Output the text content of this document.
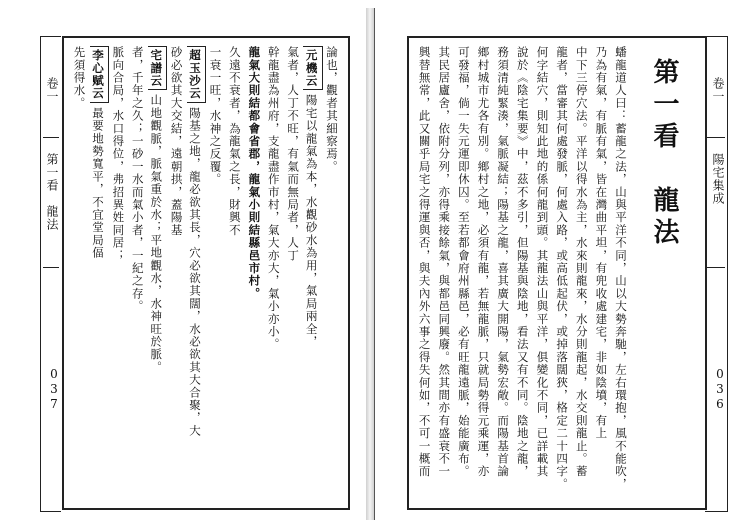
卷一
第一看　龍法
037
論也，觀者其細察焉。
元機云陽宅以龍氣為本，水觀砂水為用，氣局兩全，
氣者，人丁不旺，有氣而無局者，人丁
幹龍盡為州府，支龍盡作市村，氣大亦大，氣小亦小。
龍氣大則結都會省郡，龍氣小則結縣邑市村。
久遠不衰者，為龍氣之長，財興不
一衰一旺，水神之反覆。
超玉沙云陽基之地，龍必欲其長，穴必欲其闊，水必欲其大合聚，大
砂必欲其大交結，遠朝拱，蓋陽基
宅譜云山地觀脈，脈氣重於水；平地觀水，水神旺於脈。
者，千年之久；一砂一水而氣小者，一紀之存。
脈向合局，水口得位，弗招異姓同居；
李心赋云最要地勢寬平，不宜堂局偪
先須得水。	第一看　龍法
蟠龍道人曰：蓄龍之法，山與平洋不同，山以大勢奔馳，左右環抱，風不能吹，
乃為有氣，有脈有氣，皆在灣曲平坦，有兜收處建宅，非如陰墳，有上
中下三停穴法。平洋以得水為主，水來則龍來，水分則龍起，水交則龍止。蓄
龍者，當審其何處發脈，何處入路，或高低起伏，或掉落闊狹，格定二十四字。
何字結穴，則知此地的係何龍到頭。其龍法山與平洋，俱變化不同，已詳載其
說於《陰宅集要》中，茲不多引，但陽基與陰地，看法又有不同。陰地之龍，
務須清純緊湊，氣脈凝結；陽基之龍，喜其廣大開陽，氣勢宏敞。而陽基首論
鄉村城市尤各有別。鄉村之地，必須有龍，若無龍脈，只就局勢得元乘運，亦
可發福，倘一失元運即休囚。至若都會府州縣邑，必有旺龍遠脈，始能廣布。
其民居廬舍，依附分列，亦得乘接餘氣，與都邑同興廢。然其間亦有盛衰不一
興替無常，此又關乎局宅之得運與否，與夫內外六事之得失何如，不可一概而	卷一
陽宅集成
036
